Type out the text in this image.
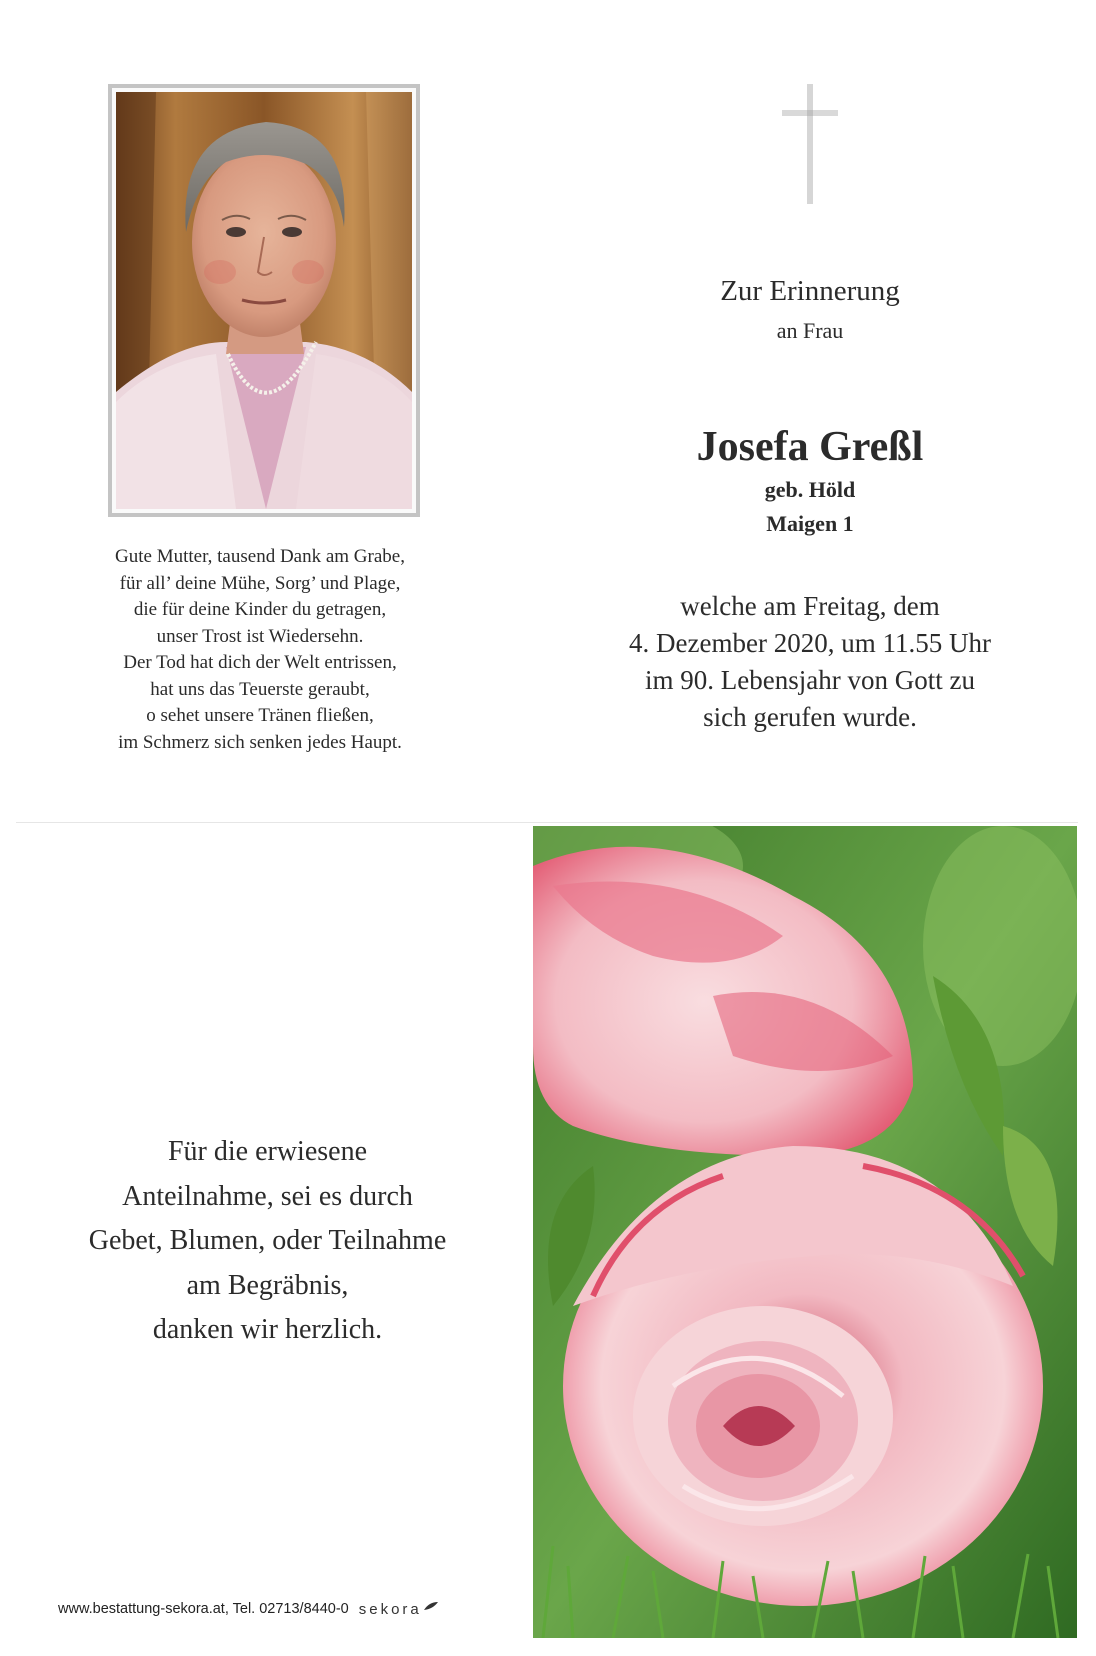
Gute Mutter, tausend Dank am Grabe,
für all’ deine Mühe, Sorg’ und Plage,
die für deine Kinder du getragen,
unser Trost ist Wiedersehn.
Der Tod hat dich der Welt entrissen,
hat uns das Teuerste geraubt,
o sehet unsere Tränen fließen,
im Schmerz sich senken jedes Haupt.
Zur Erinnerung
an Frau
Josefa Greßl
geb. Höld
Maigen 1
welche am Freitag, dem
4. Dezember 2020, um 11.55 Uhr
im 90. Lebensjahr von Gott zu
sich gerufen wurde.
Für die erwiesene
Anteilnahme, sei es durch
Gebet, Blumen, oder Teilnahme
am Begräbnis,
danken wir herzlich.
www.bestattung-sekora.at, Tel. 02713/8440-0 sekora
